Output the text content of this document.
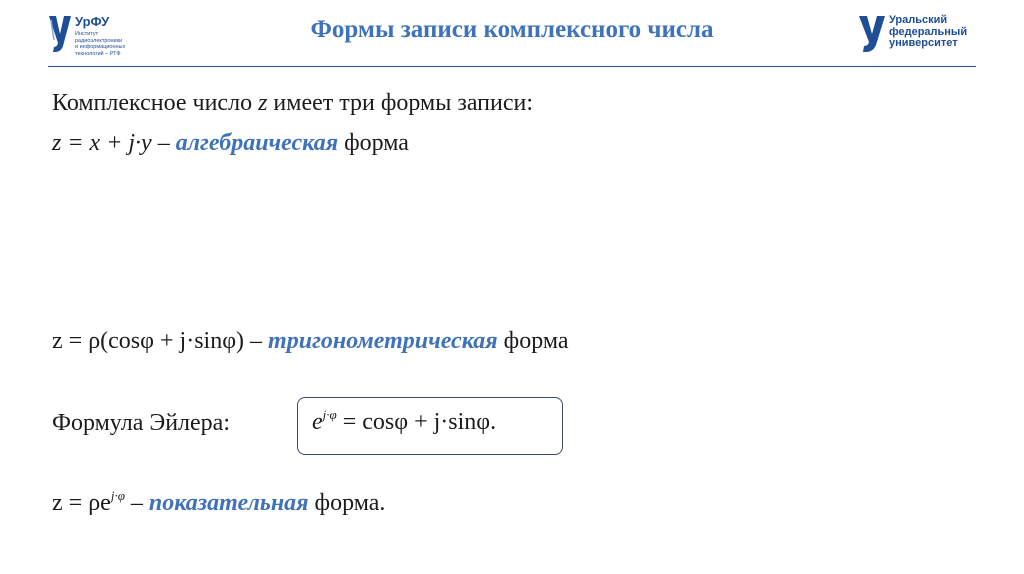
УрФУ
Институт
радиоэлектроники
и информационных
технологий – РТФ
Формы записи комплексного числа	Уральский
федеральный
университет
Комплексное число z имеет три формы записи:
z = x + j·y – алгебраическая форма
z = ρ(cosφ + j·sinφ) – тригонометрическая форма
Формула Эйлера:
$z = \rho e^{j\cdot\varphi}$ – показательная форма.
$e^{j\cdot\varphi} = \cos\varphi + j\cdot\sin\varphi$.
